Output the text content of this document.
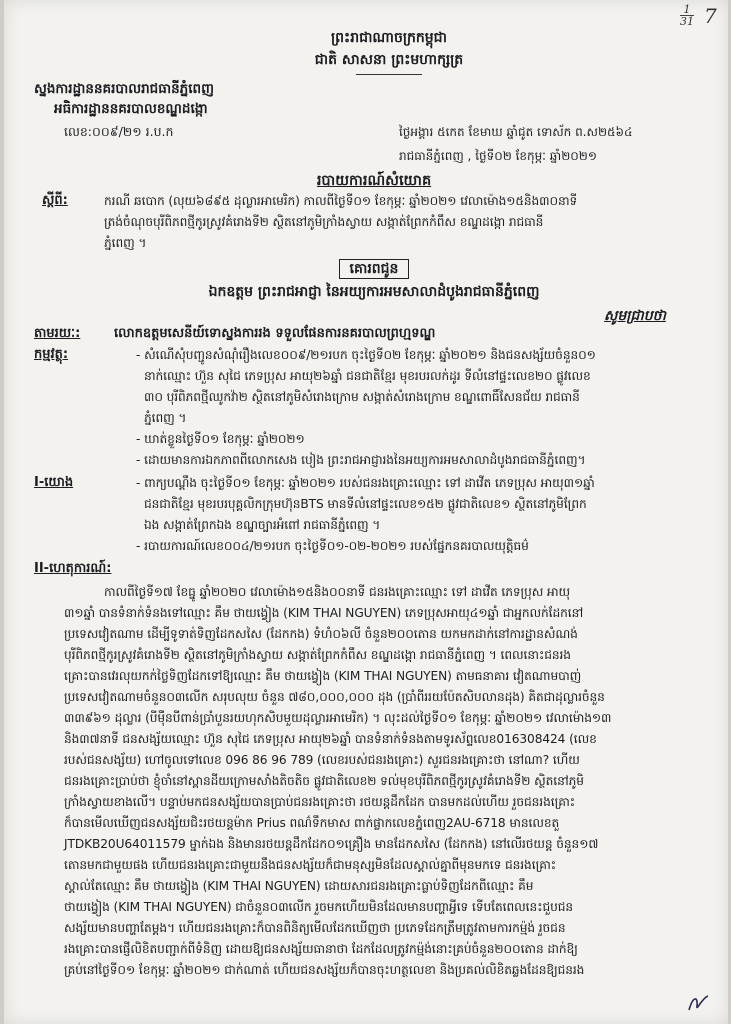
1
31 7
ព្រះរាជាណាចក្រកម្ពុជា
ជាតិ សាសនា ព្រះមហាក្សត្រ
ស្នងការដ្ឋាននគរបាលរាជធានីភ្នំពេញ
អធិការដ្ឋាននគរបាលខណ្ឌដង្កោ
លេខ:០០៩/២១ រ.ប.ក	ថ្ងៃអង្គារ ៥កេត ខែមាឃ ឆ្នាំជូត ទោស័ក ព.ស២៥៦៤
រាជធានីភ្នំពេញ , ថ្ងៃទី០២ ខែកុម្ភៈ ឆ្នាំ២០២១
របាយការណ៍សំយោគ
ស្តីពី:	ករណី ឆបោក (លុយ៦៨៩៥ ដុល្លារអាមេរិក) កាលពីថ្ងៃទី០១ ខែកុម្ភៈ ឆ្នាំ២០២១ វេលាម៉ោង១៥និង៣០នាទី
ត្រង់ចំណុចបុរីពិភពថ្មីកូរស្រូវគំរោងទី២ ស្ថិតនៅភូមិក្រាំងស្វាយ សង្កាត់ព្រែកកំពឹស ខណ្ឌដង្កោ រាជធានី
ភ្នំពេញ ។
គោរពជូន
ឯកឧត្តម ព្រះរាជអាជ្ញា នៃអយ្យការអមសាលាដំបូងរាជធានីភ្នំពេញ
សូមជ្រាបថា
តាមរយៈ:	លោកឧត្តមសេនីយ៍ទោស្នងការរង ទទួលផែនការនគរបាលព្រហ្មទណ្ឌ
កម្មវត្ថុ:	- សំណើសុំបញ្ជូនសំណុំរឿងលេខ០០៩/២១របក ចុះថ្ងៃទី០២ ខែកុម្ភៈ ឆ្នាំ២០២១ និងជនសង្ស័យចំនួន០១
នាក់ឈ្មោះ ហ៊ួន សុជៃ ភេទប្រុស អាយុ២៦ឆ្នាំ ជនជាតិខ្មែរ មុខរបរលក់ដូរ ទីលំនៅផ្ទះលេខ២០ ផ្លូវលេខ
៣០ បុរីពិភពថ្មីឈូកវ៉ា២ ស្ថិតនៅភូមិសំរោងក្រោម សង្កាត់សំរោងក្រោម ខណ្ឌពោធិ៍សែនជ័យ រាជធានី
ភ្នំពេញ ។
- ឃាត់ខ្លួនថ្ងៃទី០១ ខែកុម្ភៈ ឆ្នាំ២០២១
- ដោយមានការឯកភាពពីលោកសេង បៀង ព្រះរាជអាជ្ញារងនៃអយ្យការអមសាលាដំបូងរាជធានីភ្នំពេញ។
I-យោង	- ពាក្យបណ្តឹង ចុះថ្ងៃទី០១ ខែកុម្ភៈ ឆ្នាំ២០២១ របស់ជនរងគ្រោះឈ្មោះ ទៅ ដាវើត ភេទប្រុស អាយុ៣១ឆ្នាំ
ជនជាតិខ្មែរ មុខរបរបុគ្គលិកក្រុមហ៊ុនBTS មានទីលំនៅផ្ទះលេខ១៥២ ផ្លូវជាតិលេខ១ ស្ថិតនៅភូមិព្រែក
ឯង សង្កាត់ព្រែកឯង ខណ្ឌច្បារអំពៅ រាជធានីភ្នំពេញ ។
- របាយការណ៍លេខ០០៤/២១របក ចុះថ្ងៃទី០១-០២-២០២១ របស់ផ្នែកនគរបាលយុត្តិធម៌
II-ហេតុការណ៍:
កាលពីថ្ងៃទី១៧ ខែធ្នូ ឆ្នាំ២០២០ វេលាម៉ោង១៥និង០០នាទី ជនរងគ្រោះឈ្មោះ ទៅ ដាវើត ភេទប្រុស អាយុ
៣១ឆ្នាំ បានទំនាក់ទំនងទៅឈ្មោះ គឹម ថាយង្វៀង (KIM THAI NGUYEN) ភេទប្រុសអាយុ៤១ឆ្នាំ ជាអ្នកលក់ដែកនៅ
ប្រទេសវៀតណាម ដើម្បីទូទាត់ទិញដែកសសៃ (ដែកកង) ទំហំ០៦លី ចំនួន២០០តោន យកមកដាក់នៅការដ្ឋានសំណង់
បុរីពិភពថ្មីកូរស្រូវគំរោងទី២ ស្ថិតនៅភូមិក្រាំងស្វាយ សង្កាត់ព្រែកកំពឹស ខណ្ឌដង្កោ រាជធានីភ្នំពេញ ។ ពេលនោះជនរង
គ្រោះបានវេរលុយកក់ថ្លៃទិញដែកទៅឱ្យឈ្មោះ គឹម ថាយង្វៀង (KIM THAI NGUYEN) តាមធនាគារ វៀតណាមបាញ់
ប្រទេសវៀតណាមចំនួន០៣លើក សរុបលុយ ចំនួន ៧៨០,០០០,០០០ ដុង (ប្រាំពីររយប៉ែតសិបលានដុង) គិតជាដុល្លារចំនួន
៣៣៩៦១ ដុល្លារ (បីម៉ឺនបីពាន់ប្រាំបួនរយហុកសិបមួយដុល្លារអាមេរិក) ។ លុះដល់ថ្ងៃទី០១ ខែកុម្ភៈ ឆ្នាំ២០២១ វេលាម៉ោង១៣
និង៣៧នាទី ជនសង្ស័យឈ្មោះ ហ៊ួន សុជៃ ភេទប្រុស អាយុ២៦ឆ្នាំ បានទំនាក់ទំនងតាមទូរស័ព្ទលេខ016308424 (លេខ
របស់ជនសង្ស័យ) ហៅចូលទៅលេខ 096 86 96 789 (លេខរបស់ជនរងគ្រោះ) សួរជនរងគ្រោះថា នៅណា? ហើយ
ជនរងគ្រោះប្រាប់ថា ខ្ញុំចាំនៅស្ពានដីយក្រោមសាំងតិចតិច ផ្លូវជាតិលេខ២ ទល់មុខបុរីពិភពថ្មីកូរស្រូវគំរោងទី២ ស្ថិតនៅភូមិ
ក្រាំងស្វាយខាងលើ។ បន្ទាប់មកជនសង្ស័យបានប្រាប់ជនរងគ្រោះថា រថយន្តដឹកដែក បានមកដល់ហើយ រួចជនរងគ្រោះ
ក៏បានមើលឃើញជនសង្ស័យជិះរថយន្តម៉ាក Prius ពណ៌ទឹកមាស ពាក់ផ្លាកលេខភ្នំពេញ2AU-6718 មានលេខតួ
JTDKB20U64011579 ម្នាក់ឯង និងមានរថយន្តដឹកដែក០១គ្រឿង មានដែកសសៃ (ដែកកង) នៅលើរថយន្ត ចំនួន១៧
តោនមកជាមួយផង ហើយជនរងគ្រោះជាមួយនឹងជនសង្ស័យក៏ជាមនុស្សមិនដែលស្គាល់គ្នាពីមុនមកទេ ជនរងគ្រោះ
ស្គាល់តែឈ្មោះ គឹម ថាយង្វៀង (KIM THAI NGUYEN) ដោយសារជនរងគ្រោះធ្លាប់ទិញដែកពីឈ្មោះ គឹម
ថាយង្វៀង (KIM THAI NGUYEN) ជាចំនួន០៣លើក រួចមកហើយមិនដែលមានបញ្ហាអ្វីទេ ទើបតែពេលនេះជួបជន
សង្ស័យមានបញ្ហាតែម្តង។ ហើយជនរងគ្រោះក៏បានពិនិត្យមើលដែកឃើញថា ប្រភេទដែកត្រឹមត្រូវតាមការកម្ម៉ង់ រួចជន
រងគ្រោះបានផ្ញើលិខិតបញ្ជាក់ពីទំនិញ ដោយឱ្យជនសង្ស័យធានាថា ដែកដែលត្រូវកម្ម៉ង់នោះគ្រប់ចំនួន២០០តោន ដាក់ឱ្យ
គ្រប់នៅថ្ងៃទី០១ ខែកុម្ភៈ ឆ្នាំ២០២១ ជាក់ណាត់ ហើយជនសង្ស័យក៏បានចុះហត្ថលេខា និងប្រគល់លិខិតឆ្លងដែនឱ្យជនរង
